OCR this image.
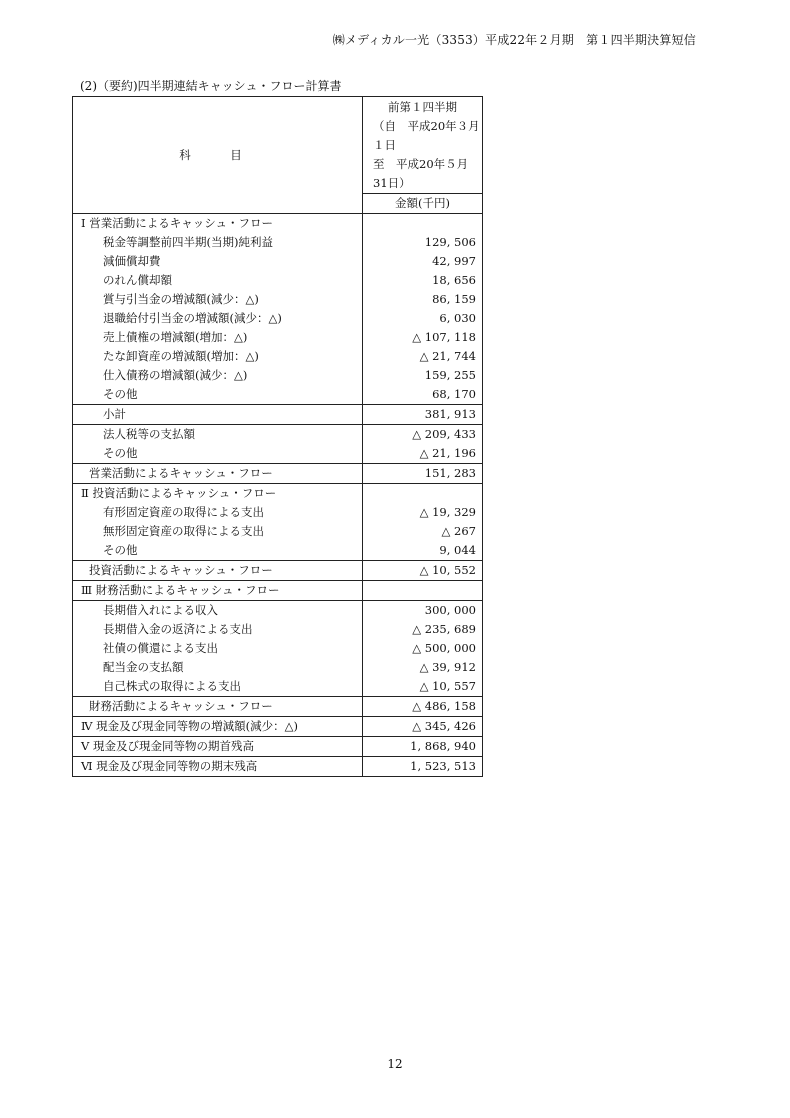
㈱メディカル一光（3353）平成22年２月期　第１四半期決算短信
(2)（要約)四半期連結キャッシュ・フロー計算書
科　目	前第１四半期
	（自　平成20年３月１日
	至　平成20年５月31日）
	金額(千円)
Ⅰ 営業活動によるキャッシュ・フロー	
税金等調整前四半期(当期)純利益	129, 506
減価償却費	42, 997
のれん償却額	18, 656
賞与引当金の増減額(減少：△)	86, 159
退職給付引当金の増減額(減少：△)	6, 030
売上債権の増減額(増加：△)	△ 107, 118
たな卸資産の増減額(増加：△)	△ 21, 744
仕入債務の増減額(減少：△)	159, 255
その他	68, 170
小計	381, 913
法人税等の支払額	△ 209, 433
その他	△ 21, 196
営業活動によるキャッシュ・フロー	151, 283
Ⅱ 投資活動によるキャッシュ・フロー	
有形固定資産の取得による支出	△ 19, 329
無形固定資産の取得による支出	△ 267
その他	9, 044
投資活動によるキャッシュ・フロー	△ 10, 552
Ⅲ 財務活動によるキャッシュ・フロー	
長期借入れによる収入	300, 000
長期借入金の返済による支出	△ 235, 689
社債の償還による支出	△ 500, 000
配当金の支払額	△ 39, 912
自己株式の取得による支出	△ 10, 557
財務活動によるキャッシュ・フロー	△ 486, 158
Ⅳ 現金及び現金同等物の増減額(減少：△)	△ 345, 426
Ⅴ 現金及び現金同等物の期首残高	1, 868, 940
Ⅵ 現金及び現金同等物の期末残高	1, 523, 513
12
